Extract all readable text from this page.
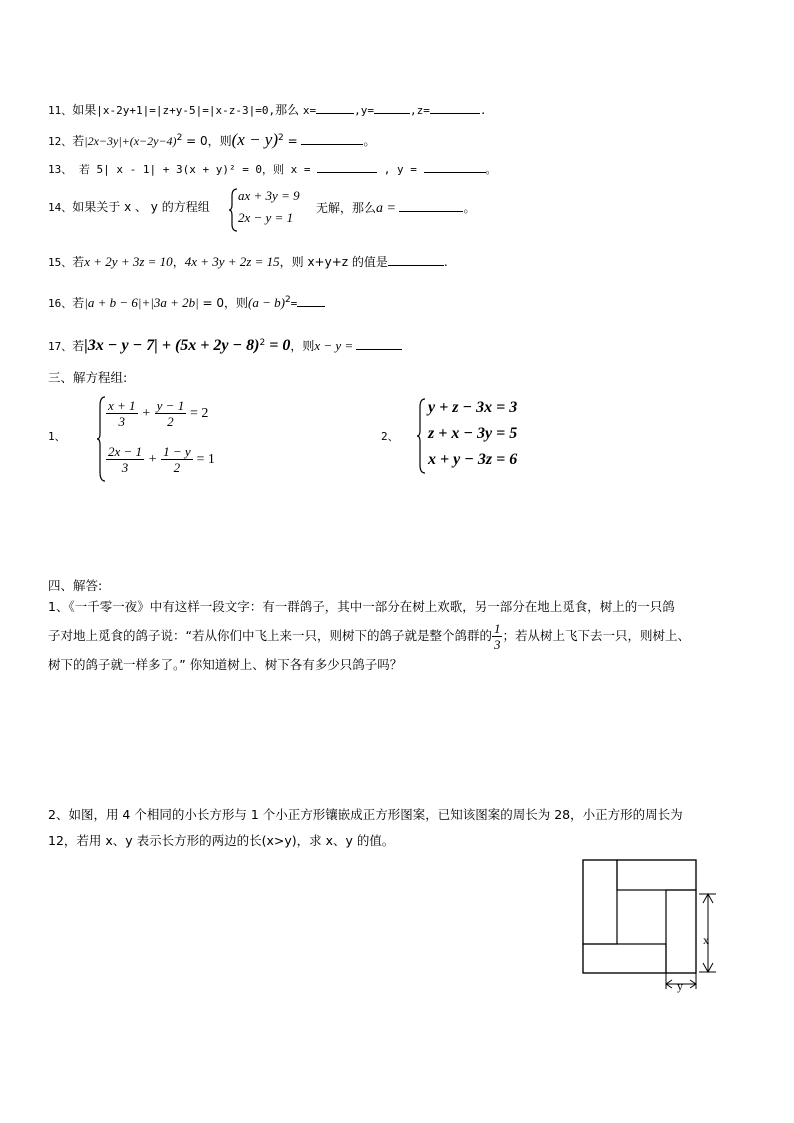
11、如果|x-2y+1|=|z+y-5|=|x-z-3|=0,那么 x=	,y=	,z=	.
12、若$|2x-3y|+(x-2y-4)^2 = 0$，则$(x - y)^2$ =	。
13、 若 5| x - 1| + 3(x + y)² = 0，则 x =	, y =	。
14、如果关于 x 、 y 的方程组
ax + 3y = 9
2x − y = 1
无解，那么a =	。
15、若x + 2y + 3z = 10，4x + 3y + 2z = 15，则 x+y+z 的值是	.
16、若|a + b − 6|+|3a + 2b| = 0，则$(a - b)^2=$
17、若$|3x - y - 7| + (5x + 2y - 8)^2 = 0$，则x − y =
三、解方程组:
1、
$\frac{x + 1}{3} + \frac{y - 1}{2} = 2$
$\frac{2x - 1}{3} + \frac{1 - y}{2} = 1$
2、
y + z − 3x = 3
z + x − 3y = 5
x + y − 3z = 6
四、解答:
1、《一千零一夜》中有这样一段文字：有一群鸽子，其中一部分在树上欢歌，另一部分在地上觅食，树上的一只鸽
子对地上觅食的鸽子说：“若从你们中飞上来一只，则树下的鸽子就是整个鸽群的 $\frac{1}{3}$ ；若从树上飞下去一只，则树上、
树下的鸽子就一样多了。” 你知道树上、树下各有多少只鸽子吗？
2、如图，用 4 个相同的小长方形与 1 个小正方形镶嵌成正方形图案，已知该图案的周长为 28，小正方形的周长为
12，若用 x、y 表示长方形的两边的长(x>y)，求 x、y 的值。
x
y
